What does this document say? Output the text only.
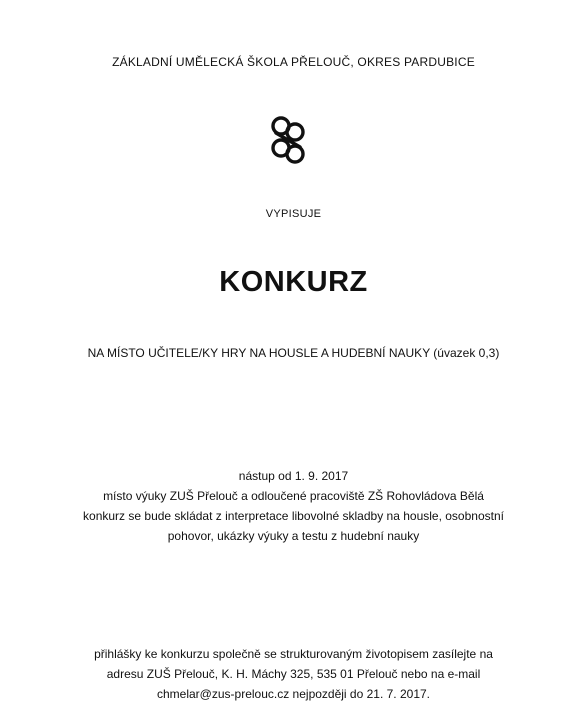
ZÁKLADNÍ UMĚLECKÁ ŠKOLA PŘELOUČ, OKRES PARDUBICE
VYPISUJE
KONKURZ
NA MÍSTO UČITELE/KY HRY NA HOUSLE A HUDEBNÍ NAUKY (úvazek 0,3)
nástup od 1. 9. 2017
místo výuky ZUŠ Přelouč a odloučené pracoviště ZŠ Rohovládova Bělá
konkurz se bude skládat z interpretace libovolné skladby na housle, osobnostní
pohovor, ukázky výuky a testu z hudební nauky
přihlášky ke konkurzu společně se strukturovaným životopisem zasílejte na
adresu ZUŠ Přelouč, K. H. Máchy 325, 535 01 Přelouč nebo na e-mail
chmelar@zus-prelouc.cz nejpozději do 21. 7. 2017.
